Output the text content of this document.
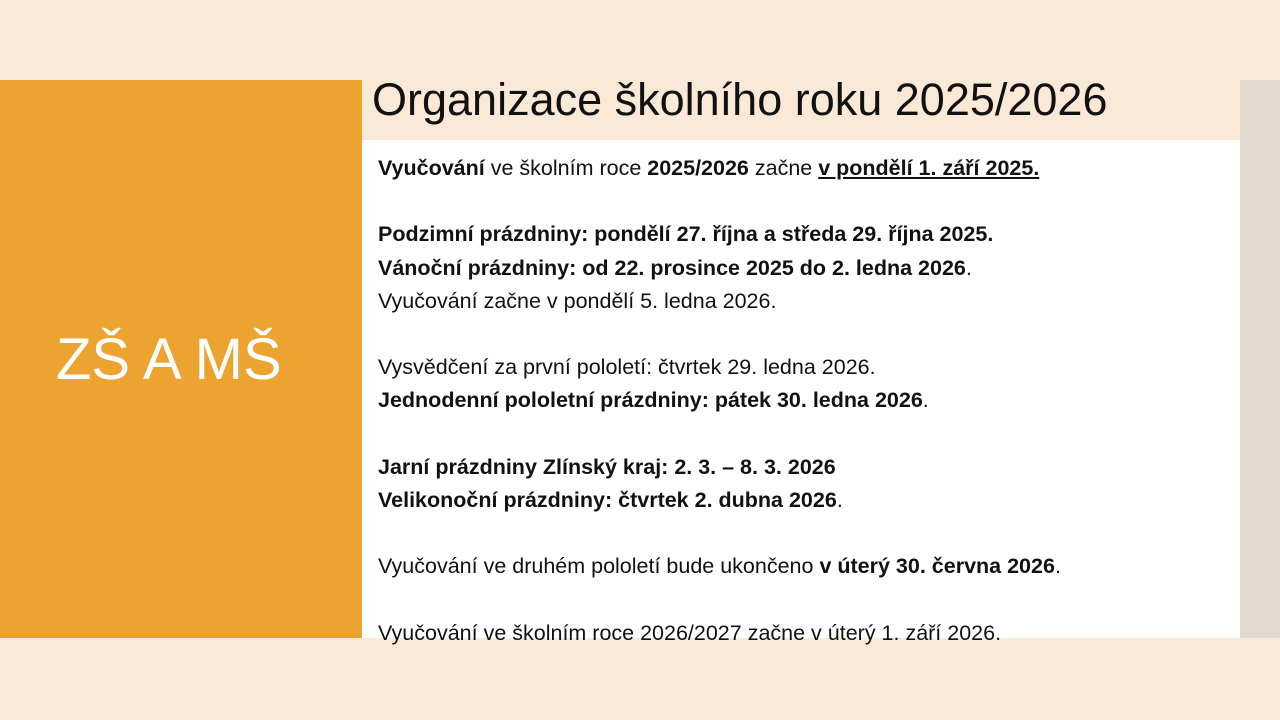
ZŠ A MŠ
Organizace školního roku 2025/2026
Vyučování ve školním roce 2025/2026 začne v pondělí 1. září 2025.
Podzimní prázdniny: pondělí 27. října a středa 29. října 2025.
Vánoční prázdniny: od 22. prosince 2025 do 2. ledna 2026.
Vyučování začne v pondělí 5. ledna 2026.
Vysvědčení za první pololetí: čtvrtek 29. ledna 2026.
Jednodenní pololetní prázdniny: pátek 30. ledna 2026.
Jarní prázdniny Zlínský kraj: 2. 3. – 8. 3. 2026
Velikonoční prázdniny: čtvrtek 2. dubna 2026.
Vyučování ve druhém pololetí bude ukončeno v úterý 30. června 2026.
Vyučování ve školním roce 2026/2027 začne v úterý 1. září 2026.
